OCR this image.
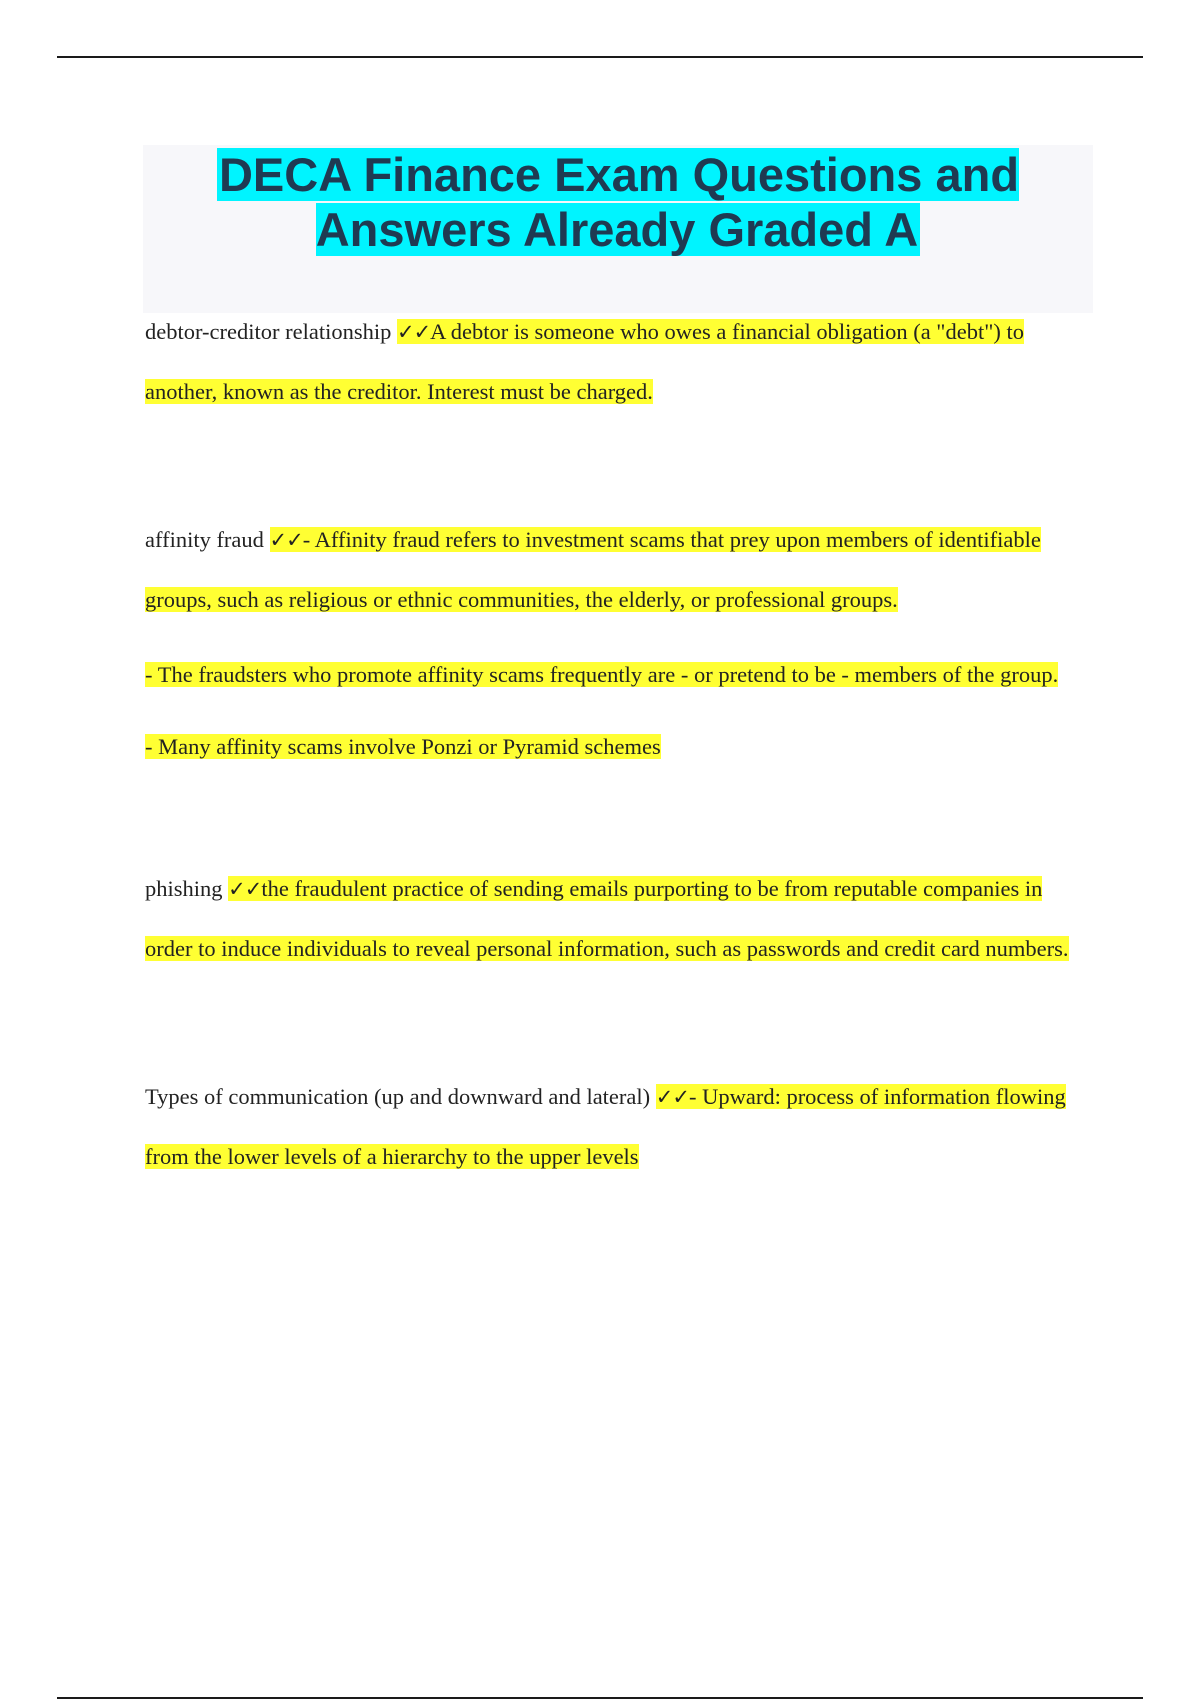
DECA Finance Exam Questions and Answers Already Graded A

debtor-creditor relationship ✓✓A debtor is someone who owes a financial obligation (a "debt") to another, known as the creditor. Interest must be charged.

affinity fraud ✓✓- Affinity fraud refers to investment scams that prey upon members of identifiable groups, such as religious or ethnic communities, the elderly, or professional groups.

- The fraudsters who promote affinity scams frequently are - or pretend to be - members of the group.

- Many affinity scams involve Ponzi or Pyramid schemes

phishing ✓✓the fraudulent practice of sending emails purporting to be from reputable companies in order to induce individuals to reveal personal information, such as passwords and credit card numbers.

Types of communication (up and downward and lateral) ✓✓- Upward: process of information flowing from the lower levels of a hierarchy to the upper levels
